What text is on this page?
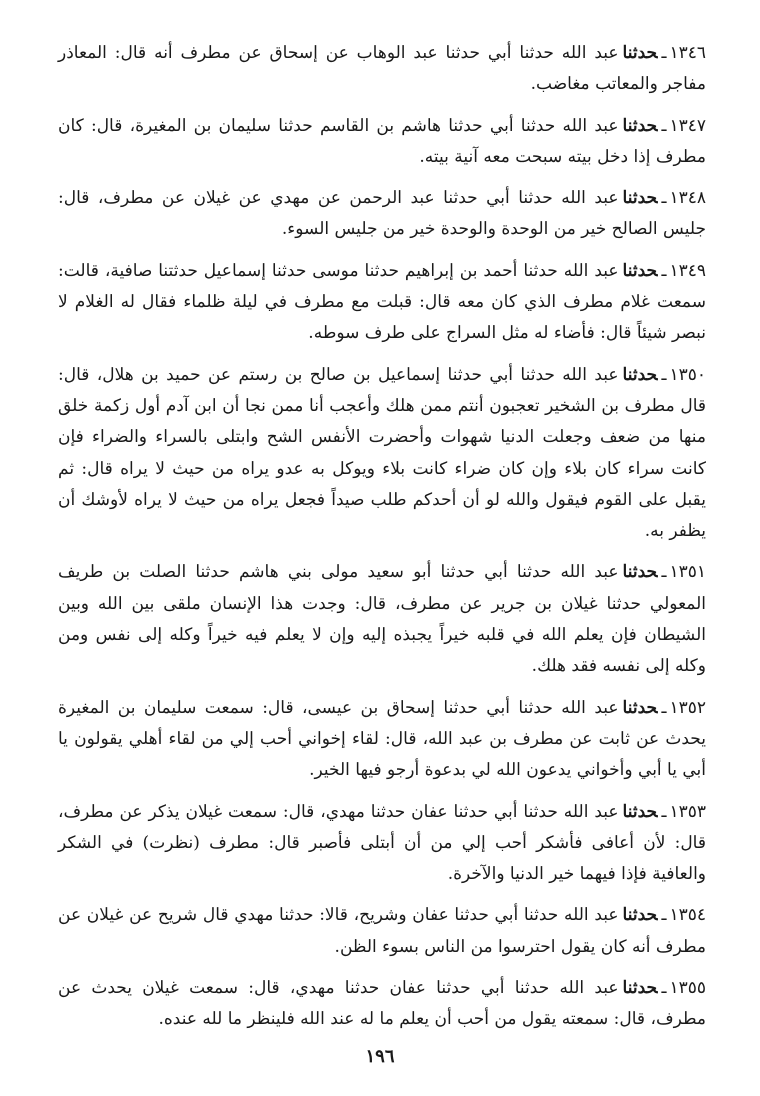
١٣٤٦ـحدثناعبد الله حدثنا أبي حدثنا عبد الوهاب عن إسحاق عن مطرف أنه قال: المعاذر مفاجر والمعاتب مغاضب.

١٣٤٧ـحدثناعبد الله حدثنا أبي حدثنا هاشم بن القاسم حدثنا سليمان بن المغيرة، قال: كان مطرف إذا دخل بيته سبحت معه آنية بيته.

١٣٤٨ـحدثناعبد الله حدثنا أبي حدثنا عبد الرحمن عن مهدي عن غيلان عن مطرف، قال: جليس الصالح خير من الوحدة والوحدة خير من جليس السوء.

١٣٤٩ـحدثناعبد الله حدثنا أحمد بن إبراهيم حدثنا موسى حدثنا إسماعيل حدثتنا صافية، قالت: سمعت غلام مطرف الذي كان معه قال: قبلت مع مطرف في ليلة ظلماء فقال له الغلام لا نبصر شيئاً قال: فأضاء له مثل السراج على طرف سوطه.

١٣٥٠ـحدثناعبد الله حدثنا أبي حدثنا إسماعيل بن صالح بن رستم عن حميد بن هلال، قال: قال مطرف بن الشخير تعجبون أنتم ممن هلك وأعجب أنا ممن نجا أن ابن آدم أول زكمة خلق منها من ضعف وجعلت الدنيا شهوات وأحضرت الأنفس الشح وابتلى بالسراء والضراء فإن كانت سراء كان بلاء وإن كان ضراء كانت بلاء ويوكل به عدو يراه من حيث لا يراه قال: ثم يقبل على القوم فيقول والله لو أن أحدكم طلب صيداً فجعل يراه من حيث لا يراه لأوشك أن يظفر به.

١٣٥١ـحدثناعبد الله حدثنا أبي حدثنا أبو سعيد مولى بني هاشم حدثنا الصلت بن طريف المعولي حدثنا غيلان بن جرير عن مطرف، قال: وجدت هذا الإنسان ملقى بين الله وبين الشيطان فإن يعلم الله في قلبه خيراً يجبذه إليه وإن لا يعلم فيه خيراً وكله إلى نفس ومن وكله إلى نفسه فقد هلك.

١٣٥٢ـحدثناعبد الله حدثنا أبي حدثنا إسحاق بن عيسى، قال: سمعت سليمان بن المغيرة يحدث عن ثابت عن مطرف بن عبد الله، قال: لقاء إخواني أحب إلي من لقاء أهلي يقولون يا أبي يا أبي وأخواني يدعون الله لي بدعوة أرجو فيها الخير.

١٣٥٣ـحدثناعبد الله حدثنا أبي حدثنا عفان حدثنا مهدي، قال: سمعت غيلان يذكر عن مطرف، قال: لأن أعافى فأشكر أحب إلي من أن أبتلى فأصبر قال: مطرف (نظرت) في الشكر والعافية فإذا فيهما خير الدنيا والآخرة.

١٣٥٤ـحدثناعبد الله حدثنا أبي حدثنا عفان وشريح، قالا: حدثنا مهدي قال شريح عن غيلان عن مطرف أنه كان يقول احترسوا من الناس بسوء الظن.

١٣٥٥ـحدثناعبد الله حدثنا أبي حدثنا عفان حدثنا مهدي، قال: سمعت غيلان يحدث عن مطرف، قال: سمعته يقول من أحب أن يعلم ما له عند الله فلينظر ما لله عنده.

١٩٦
